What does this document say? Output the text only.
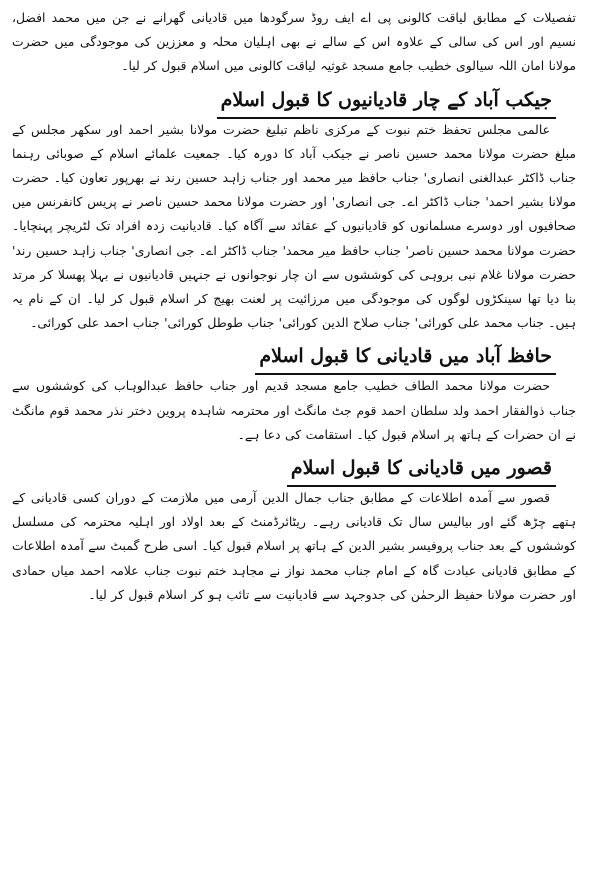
تفصیلات کے مطابق لیاقت کالونی پی اے ایف روڈ سرگودھا میں قادیانی گھرانے نے جن میں محمد افضل، نسیم اور اس کی سالی کے علاوہ اس کے سالے نے بھی اہلیان محلہ و معززین کی موجودگی میں حضرت مولانا امان اللہ سیالوی خطیب جامع مسجد غوثیہ لیاقت کالونی میں اسلام قبول کر لیا۔

جیکب آباد کے چار قادیانیوں کا قبول اسلام

عالمی مجلس تحفظ ختم نبوت کے مرکزی ناظم تبلیغ حضرت مولانا بشیر احمد اور سکھر مجلس کے مبلغ حضرت مولانا محمد حسین ناصر نے جیکب آباد کا دورہ کیا۔ جمعیت علمائے اسلام کے صوبائی رہنما جناب ڈاکٹر عبدالغنی انصاری' جناب حافظ میر محمد اور جناب زاہد حسین رند نے بھرپور تعاون کیا۔ حضرت مولانا بشیر احمد' جناب ڈاکٹر اے۔ جی انصاری' اور حضرت مولانا محمد حسین ناصر نے پریس کانفرنس میں صحافیوں اور دوسرے مسلمانوں کو قادیانیوں کے عقائد سے آگاہ کیا۔ قادیانیت زدہ افراد تک لٹریچر پہنچایا۔ حضرت مولانا محمد حسین ناصر' جناب حافظ میر محمد' جناب ڈاکٹر اے۔ جی انصاری' جناب زاہد حسین رند' حضرت مولانا غلام نبی بروہی کی کوششوں سے ان چار نوجوانوں نے جنہیں قادیانیوں نے بہلا پھسلا کر مرتد بنا دیا تھا سینکڑوں لوگوں کی موجودگی میں مرزائیت پر لعنت بھیج کر اسلام قبول کر لیا۔ ان کے نام یہ ہیں۔ جناب محمد علی کورائی' جناب صلاح الدین کورائی' جناب طوطل کورائی' جناب احمد علی کورائی۔

حافظ آباد میں قادیانی کا قبول اسلام

حضرت مولانا محمد الطاف خطیب جامع مسجد قدیم اور جناب حافظ عبدالوہاب کی کوششوں سے جناب ذوالفقار احمد ولد سلطان احمد قوم جٹ مانگٹ اور محترمہ شاہدہ پروین دختر نذر محمد قوم مانگٹ نے ان حضرات کے ہاتھ پر اسلام قبول کیا۔ استقامت کی دعا ہے۔

قصور میں قادیانی کا قبول اسلام

قصور سے آمدہ اطلاعات کے مطابق جناب جمال الدین آرمی میں ملازمت کے دوران کسی قادیانی کے ہتھے چڑھ گئے اور بیالیس سال تک قادیانی رہے۔ ریٹائرڈمنٹ کے بعد اولاد اور اہلیہ محترمہ کی مسلسل کوششوں کے بعد جناب پروفیسر بشیر الدین کے ہاتھ پر اسلام قبول کیا۔ اسی طرح گمبٹ سے آمدہ اطلاعات کے مطابق قادیانی عبادت گاہ کے امام جناب محمد نواز نے مجاہد ختم نبوت جناب علامہ احمد میاں حمادی اور حضرت مولانا حفیظ الرحمٰن کی جدوجہد سے قادیانیت سے تائب ہو کر اسلام قبول کر لیا۔
